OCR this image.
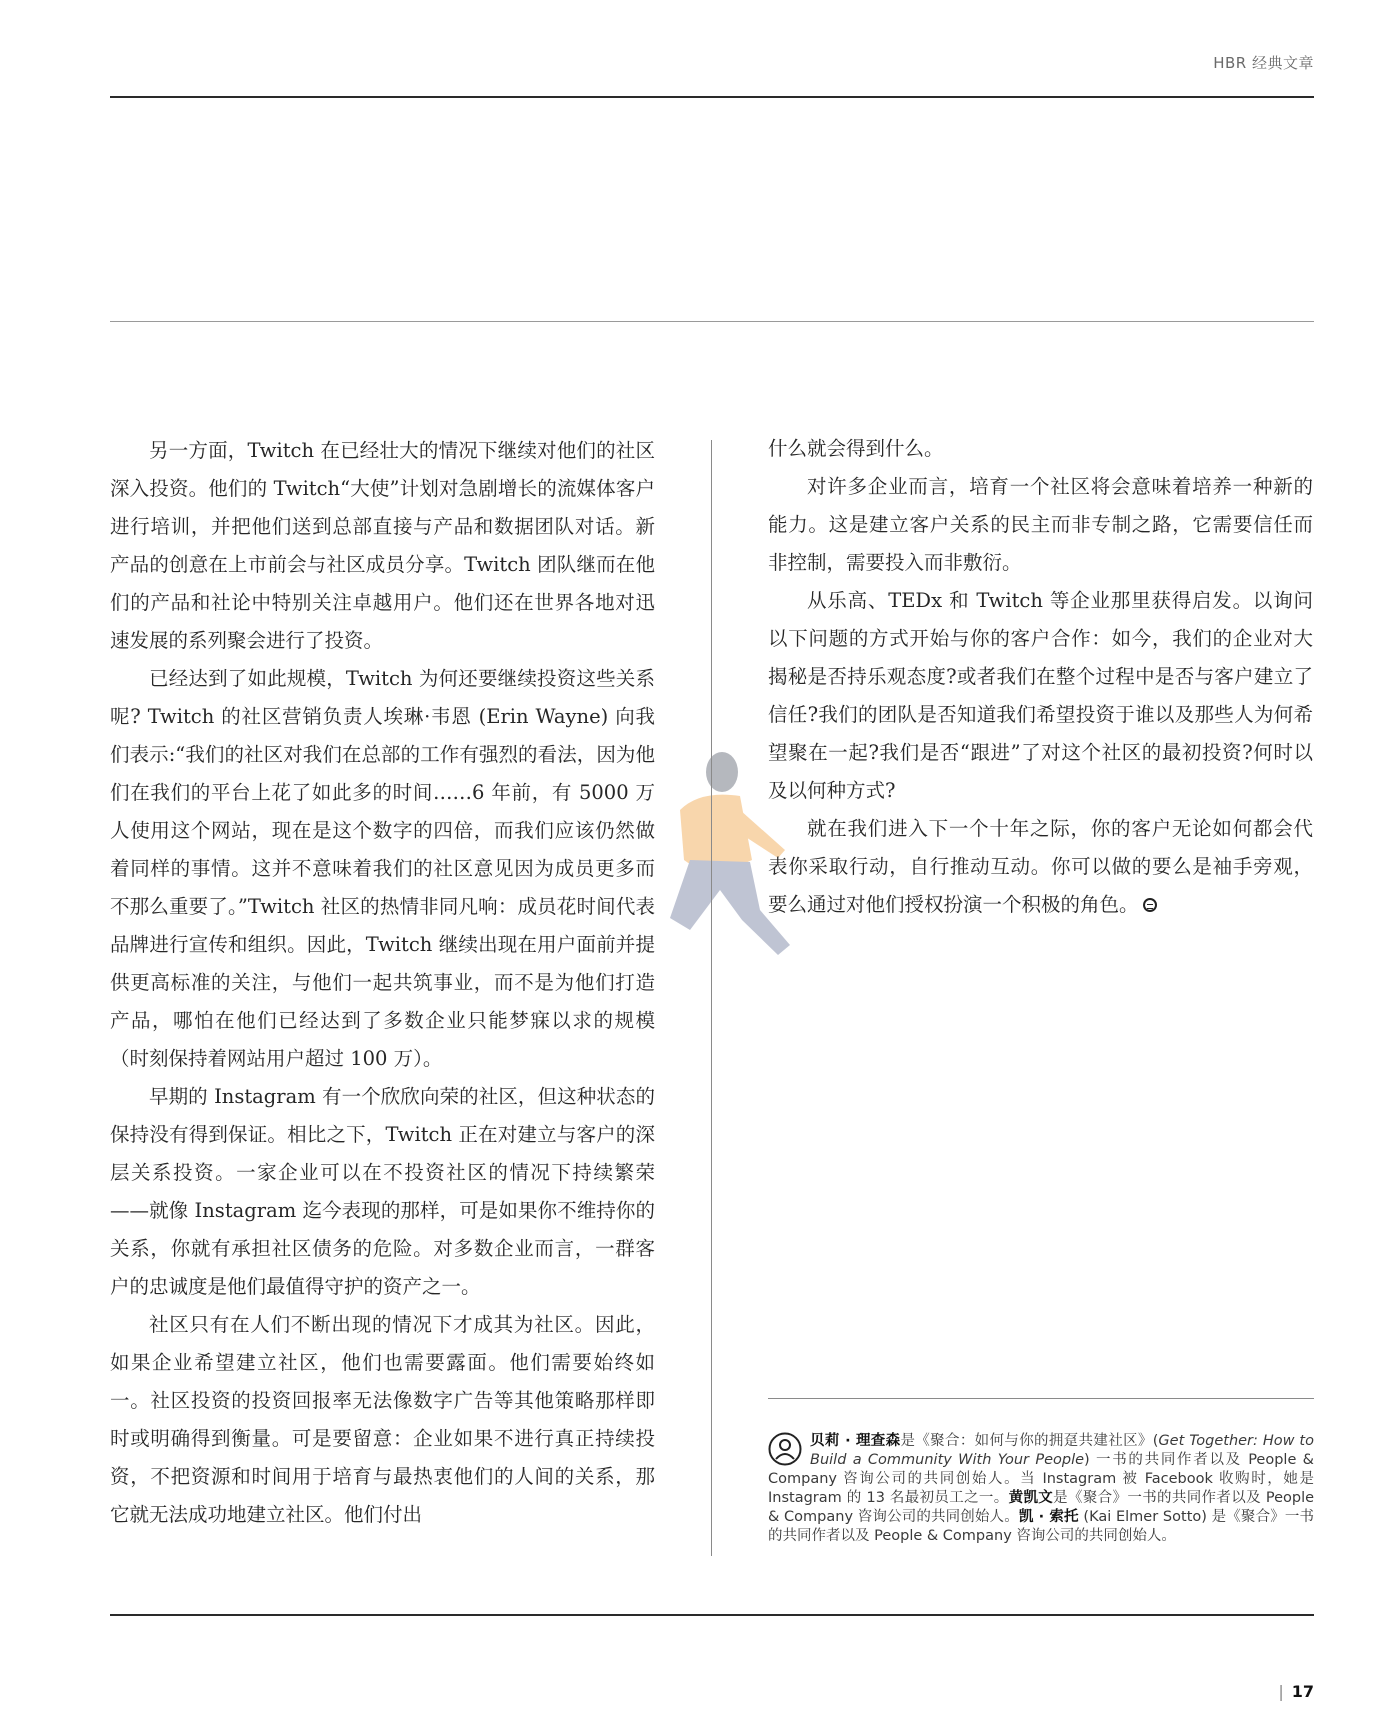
HBR 经典文章

另一方面，Twitch 在已经壮大的情况下继续对他们的社区深入投资。他们的 Twitch“大使”计划对急剧增长的流媒体客户进行培训，并把他们送到总部直接与产品和数据团队对话。新产品的创意在上市前会与社区成员分享。Twitch 团队继而在他们的产品和社论中特别关注卓越用户。他们还在世界各地对迅速发展的系列聚会进行了投资。

已经达到了如此规模，Twitch 为何还要继续投资这些关系呢? Twitch 的社区营销负责人埃琳·韦恩 (Erin Wayne) 向我们表示:“我们的社区对我们在总部的工作有强烈的看法，因为他们在我们的平台上花了如此多的时间……6 年前，有 5000 万人使用这个网站，现在是这个数字的四倍，而我们应该仍然做着同样的事情。这并不意味着我们的社区意见因为成员更多而不那么重要了。”Twitch 社区的热情非同凡响：成员花时间代表品牌进行宣传和组织。因此，Twitch 继续出现在用户面前并提供更高标准的关注，与他们一起共筑事业，而不是为他们打造产品，哪怕在他们已经达到了多数企业只能梦寐以求的规模（时刻保持着网站用户超过 100 万）。

早期的 Instagram 有一个欣欣向荣的社区，但这种状态的保持没有得到保证。相比之下，Twitch 正在对建立与客户的深层关系投资。一家企业可以在不投资社区的情况下持续繁荣——就像 Instagram 迄今表现的那样，可是如果你不维持你的关系，你就有承担社区债务的危险。对多数企业而言，一群客户的忠诚度是他们最值得守护的资产之一。

社区只有在人们不断出现的情况下才成其为社区。因此，如果企业希望建立社区，他们也需要露面。他们需要始终如一。社区投资的投资回报率无法像数字广告等其他策略那样即时或明确得到衡量。可是要留意：企业如果不进行真正持续投资，不把资源和时间用于培育与最热衷他们的人间的关系，那它就无法成功地建立社区。他们付出

什么就会得到什么。

对许多企业而言，培育一个社区将会意味着培养一种新的能力。这是建立客户关系的民主而非专制之路，它需要信任而非控制，需要投入而非敷衍。

从乐高、TEDx 和 Twitch 等企业那里获得启发。以询问以下问题的方式开始与你的客户合作：如今，我们的企业对大揭秘是否持乐观态度?或者我们在整个过程中是否与客户建立了信任?我们的团队是否知道我们希望投资于谁以及那些人为何希望聚在一起?我们是否“跟进”了对这个社区的最初投资?何时以及以何种方式?

就在我们进入下一个十年之际，你的客户无论如何都会代表你采取行动，自行推动互动。你可以做的要么是袖手旁观，要么通过对他们授权扮演一个积极的角色。

贝莉 · 理查森是《聚合：如何与你的拥趸共建社区》(Get Together: How to Build a Community With Your People) 一书的共同作者以及 People & Company 咨询公司的共同创始人。当 Instagram 被 Facebook 收购时，她是 Instagram 的 13 名最初员工之一。黄凯文是《聚合》一书的共同作者以及 People & Company 咨询公司的共同创始人。凯 · 索托 (Kai Elmer Sotto) 是《聚合》一书的共同作者以及 People & Company 咨询公司的共同创始人。
| 17
